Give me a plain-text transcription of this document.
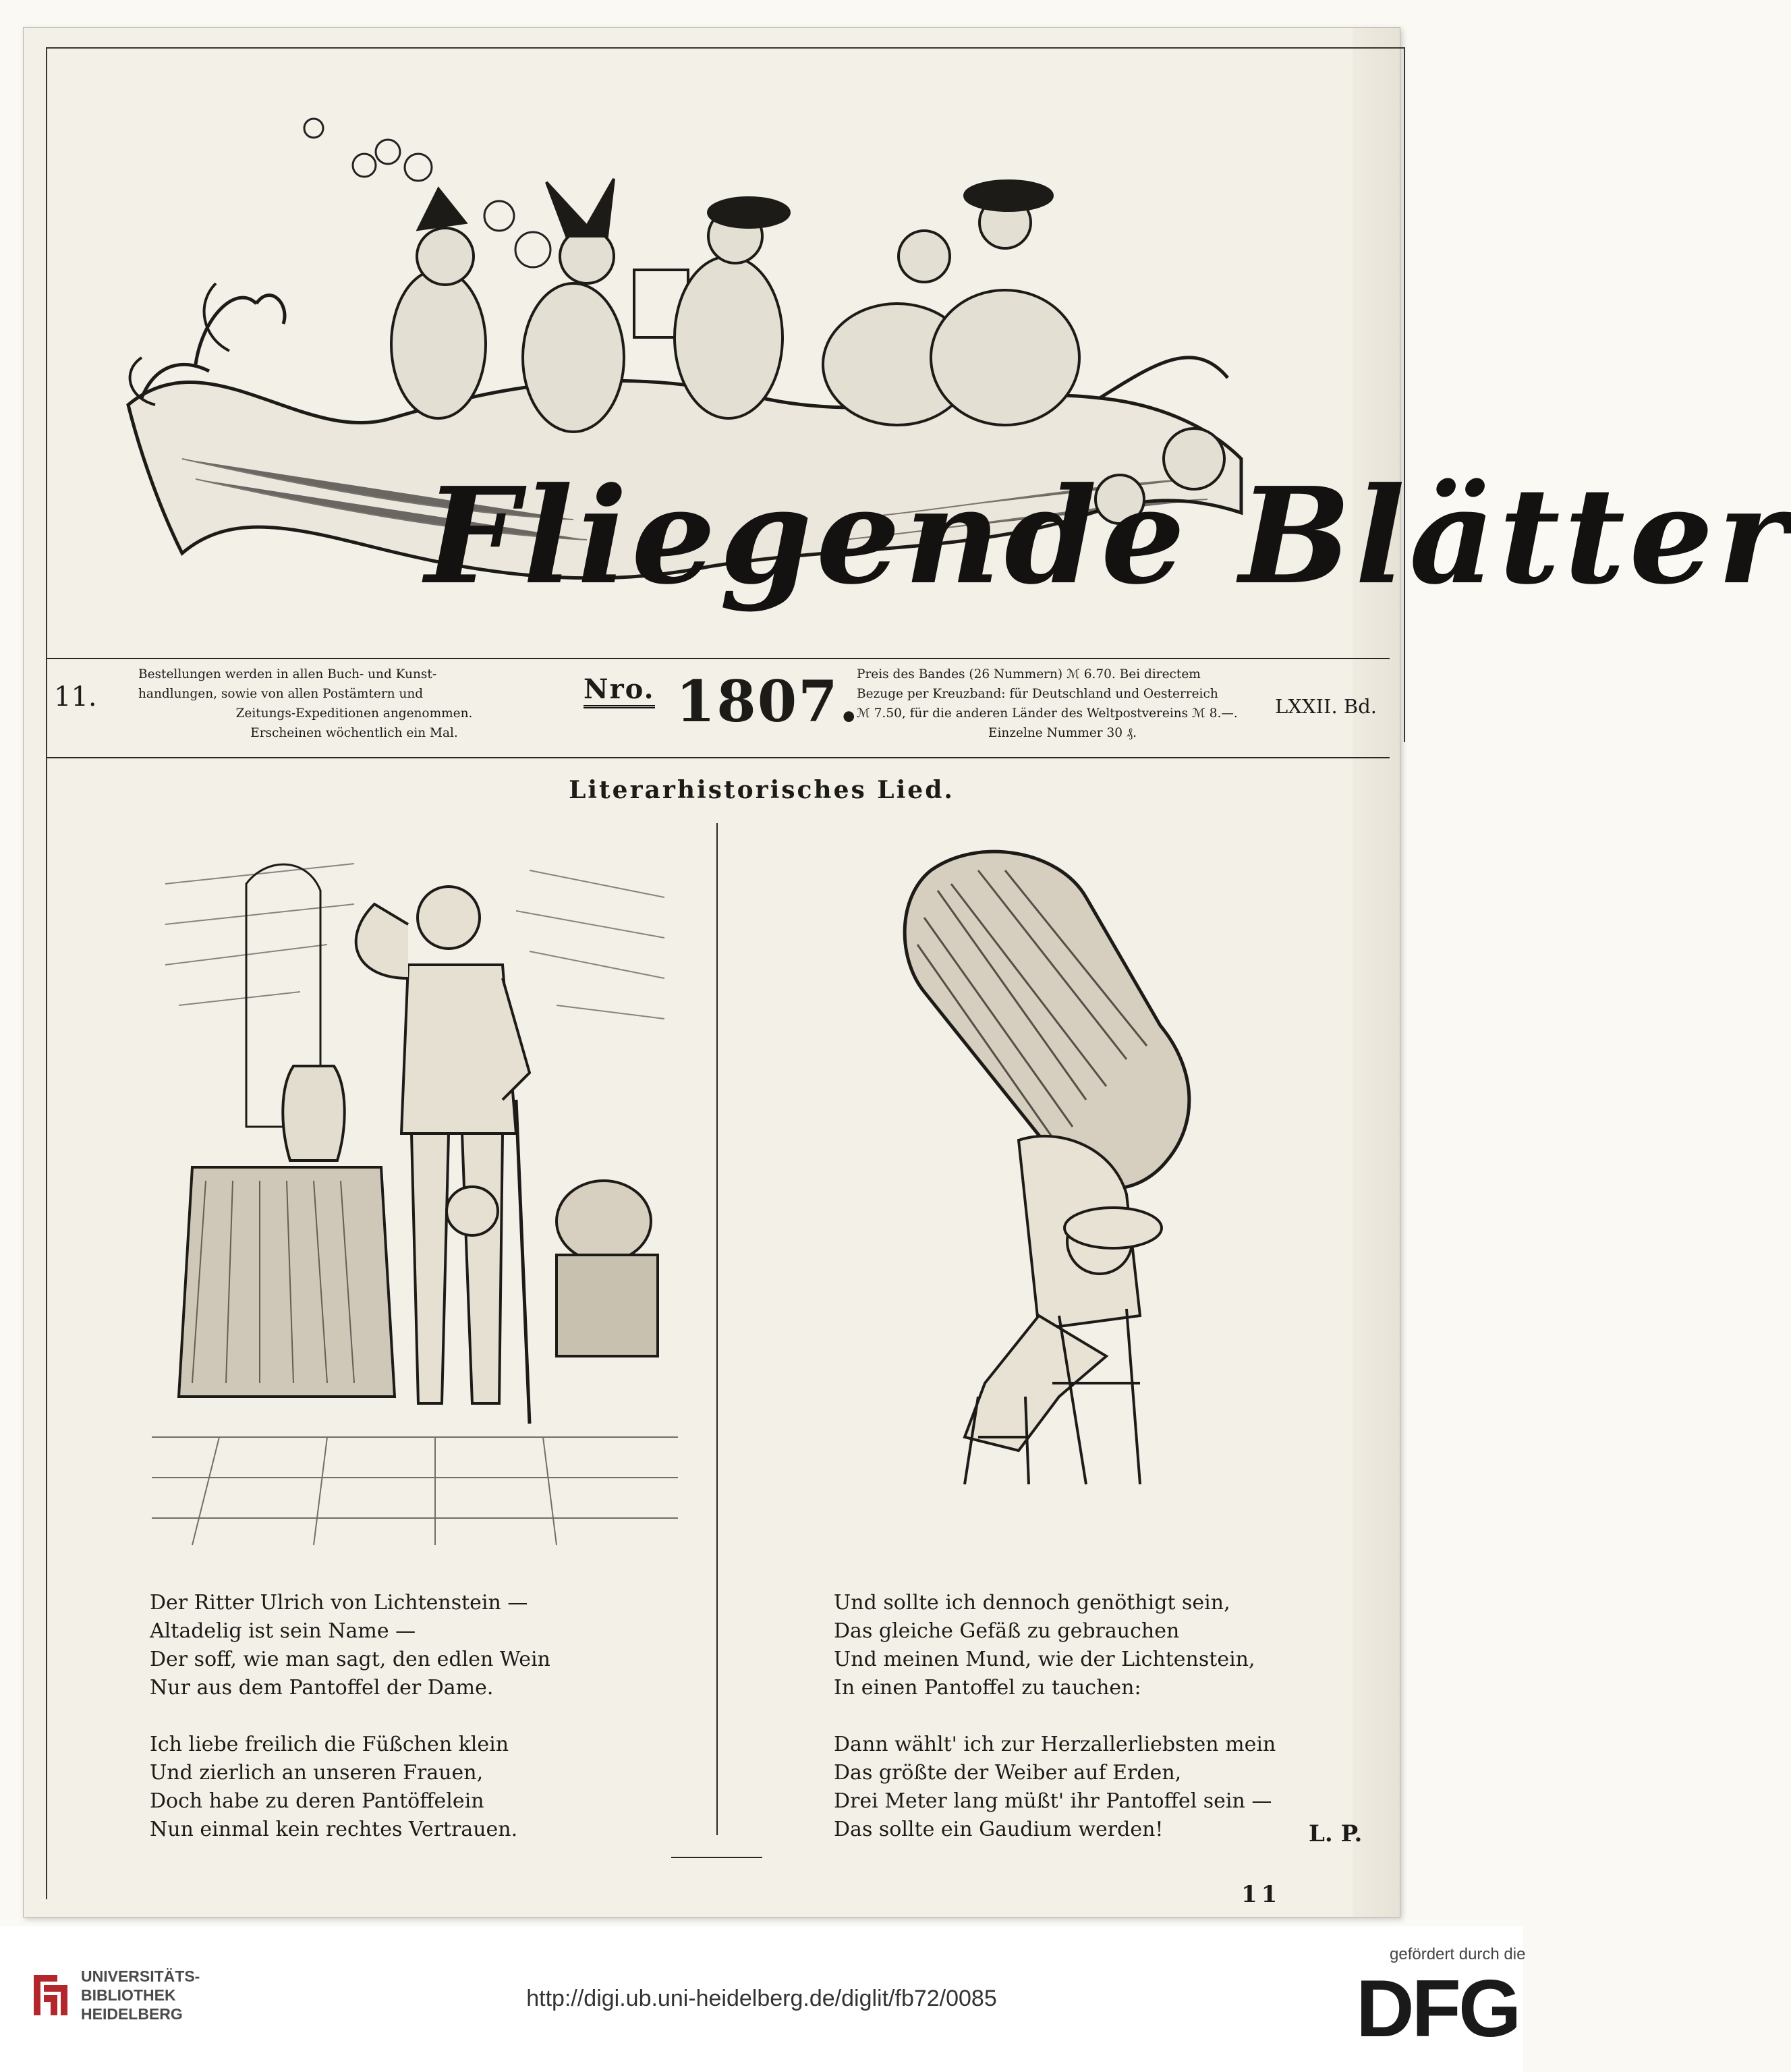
Fliegende Blätter
11.
Bestellungen werden in allen Buch- und Kunst-
handlungen, sowie von allen Postämtern und
Zeitungs-Expeditionen angenommen.
Erscheinen wöchentlich ein Mal.
$^{Nro.}$ 1807.
Preis des Bandes (26 Nummern) ℳ 6.70. Bei directem
Bezuge per Kreuzband: für Deutschland und Oesterreich
ℳ 7.50, für die anderen Länder des Weltpostvereins ℳ 8.—.
Einzelne Nummer 30 ₰.
LXXII. Bd.
Literarhistorisches Lied.

Der Ritter Ulrich von Lichtenstein —

Altadelig ist sein Name —

Der soff, wie man sagt, den edlen Wein

Nur aus dem Pantoffel der Dame.

Ich liebe freilich die Füßchen klein

Und zierlich an unseren Frauen,

Doch habe zu deren Pantöffelein

Nun einmal kein rechtes Vertrauen.

Und sollte ich dennoch genöthigt sein,

Das gleiche Gefäß zu gebrauchen

Und meinen Mund, wie der Lichtenstein,

In einen Pantoffel zu tauchen:

Dann wählt' ich zur Herzallerliebsten mein

Das größte der Weiber auf Erden,

Drei Meter lang müßt' ihr Pantoffel sein —

Das sollte ein Gaudium werden!	L. P.
11
UNIVERSITÄTS-
BIBLIOTHEK
HEIDELBERG
http://digi.ub.uni-heidelberg.de/diglit/fb72/0085
gefördert durch die
DFG
